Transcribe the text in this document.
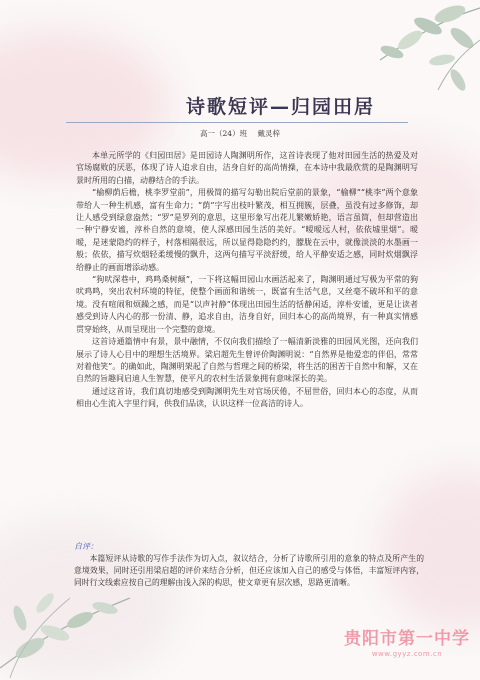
诗歌短评—归园田居
高一（24）班 戴灵梓

本单元所学的《归园田居》是田园诗人陶渊明所作，这首诗表现了他对田园生活的热爱及对官场腐败的厌恶，体现了诗人追求自由，洁身自好的高尚情操，在本诗中我最欣赏的是陶渊明写景时所用的白描，动静结合的手法。

“榆柳荫后檐，桃李罗堂前”，用极简的描写勾勒出院后堂前的景象，“榆柳”“桃李”两个意象带给人一种生机感，富有生命力；“荫”字写出枝叶繁茂，相互拥簇，层叠，虽没有过多修饰，却让人感受到绿意盎然；“罗”是罗列的意思，这里形象写出花儿繁嫩娇艳，语言虽简，但却营造出一种宁静安谧，淳朴自然的意境，使人深感田园生活的美好。“暧暧远人村，依依墟里烟”。暧暧，是迷蒙隐约的样子，村落相隔很远，所以显得隐隐约约，朦胧在云中，就像淡淡的水墨画一般；依依，描写炊烟轻柔缓慢的飘升，这两句描写平淡舒缓，给人平静安适之感，同时炊烟飘浮给静止的画面增添动感。

“狗吠深巷中，鸡鸣桑树颠”，一下将这幅田园山水画活起来了，陶渊明通过写极为平常的狗吠鸡鸣，突出农村环境的特征，使整个画面和谐统一，既富有生活气息，又丝毫不破坏和平的意境。没有喧闹和烦躁之感，而是“以声衬静”体现出田园生活的恬静闲适，淳朴安谧，更是让读者感受到诗人内心的那一份清、静，追求自由，洁身自好，回归本心的高尚境界，有一种真实情感贯穿始终，从而呈现出一个完整的意境。

这首诗通篇情中有景，景中融情，不仅向我们描绘了一幅清新淡雅的田园风光图，还向我们展示了诗人心目中的理想生活境界。梁启超先生曾评价陶渊明说：“自然界是他爱恋的伴侣，常常对着他笑”。的确如此，陶渊明架起了自然与哲理之间的桥梁，将生活的困苦于自然中和解，又在自然的旨趣间启迪人生智慧，使平凡的农村生活景象拥有意味深长的美。

通过这首诗，我们真切地感受到陶渊明先生对官场厌倦，不屈世俗，回归本心的态度，从而相由心生流入字里行间，供我们品读，认识这样一位高洁的诗人。

自评：

本篇短评从诗歌的写作手法作为切入点，叙议结合，分析了诗歌所引用的意象的特点及所产生的意境效果，同时还引用梁启超的评价来结合分析，但还应该加入自己的感受与体悟，丰富短评内容，同时行文线索应按自己的理解由浅入深的构思，使文章更有层次感，思路更清晰。

贵阳市第一中学
www.gyyz.com.cn
